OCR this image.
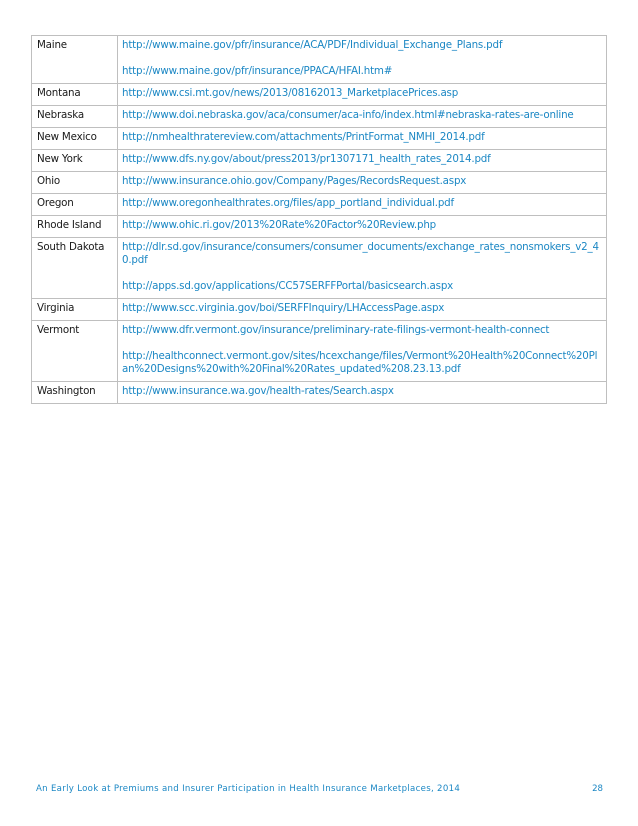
Maine	http://www.maine.gov/pfr/insurance/ACA/PDF/Individual_Exchange_Plans.pdf
http://www.maine.gov/pfr/insurance/PPACA/HFAI.htm#

Montana	http://www.csi.mt.gov/news/2013/08162013_MarketplacePrices.asp

Nebraska	http://www.doi.nebraska.gov/aca/consumer/aca-info/index.html#nebraska-rates-are-online

New Mexico	http://nmhealthratereview.com/attachments/PrintFormat_NMHI_2014.pdf

New York	http://www.dfs.ny.gov/about/press2013/pr1307171_health_rates_2014.pdf

Ohio	http://www.insurance.ohio.gov/Company/Pages/RecordsRequest.aspx

Oregon	http://www.oregonhealthrates.org/files/app_portland_individual.pdf

Rhode Island	http://www.ohic.ri.gov/2013%20Rate%20Factor%20Review.php

South Dakota	http://dlr.sd.gov/insurance/consumers/consumer_documents/exchange_rates_nonsmokers_v2_40.pdf
http://apps.sd.gov/applications/CC57SERFFPortal/basicsearch.aspx

Virginia	http://www.scc.virginia.gov/boi/SERFFInquiry/LHAccessPage.aspx

Vermont	http://www.dfr.vermont.gov/insurance/preliminary-rate-filings-vermont-health-connect
http://healthconnect.vermont.gov/sites/hcexchange/files/Vermont%20Health%20Connect%20Plan%20Designs%20with%20Final%20Rates_updated%208.23.13.pdf

Washington	http://www.insurance.wa.gov/health-rates/Search.aspx
An Early Look at Premiums and Insurer Participation in Health Insurance Marketplaces, 2014	28
